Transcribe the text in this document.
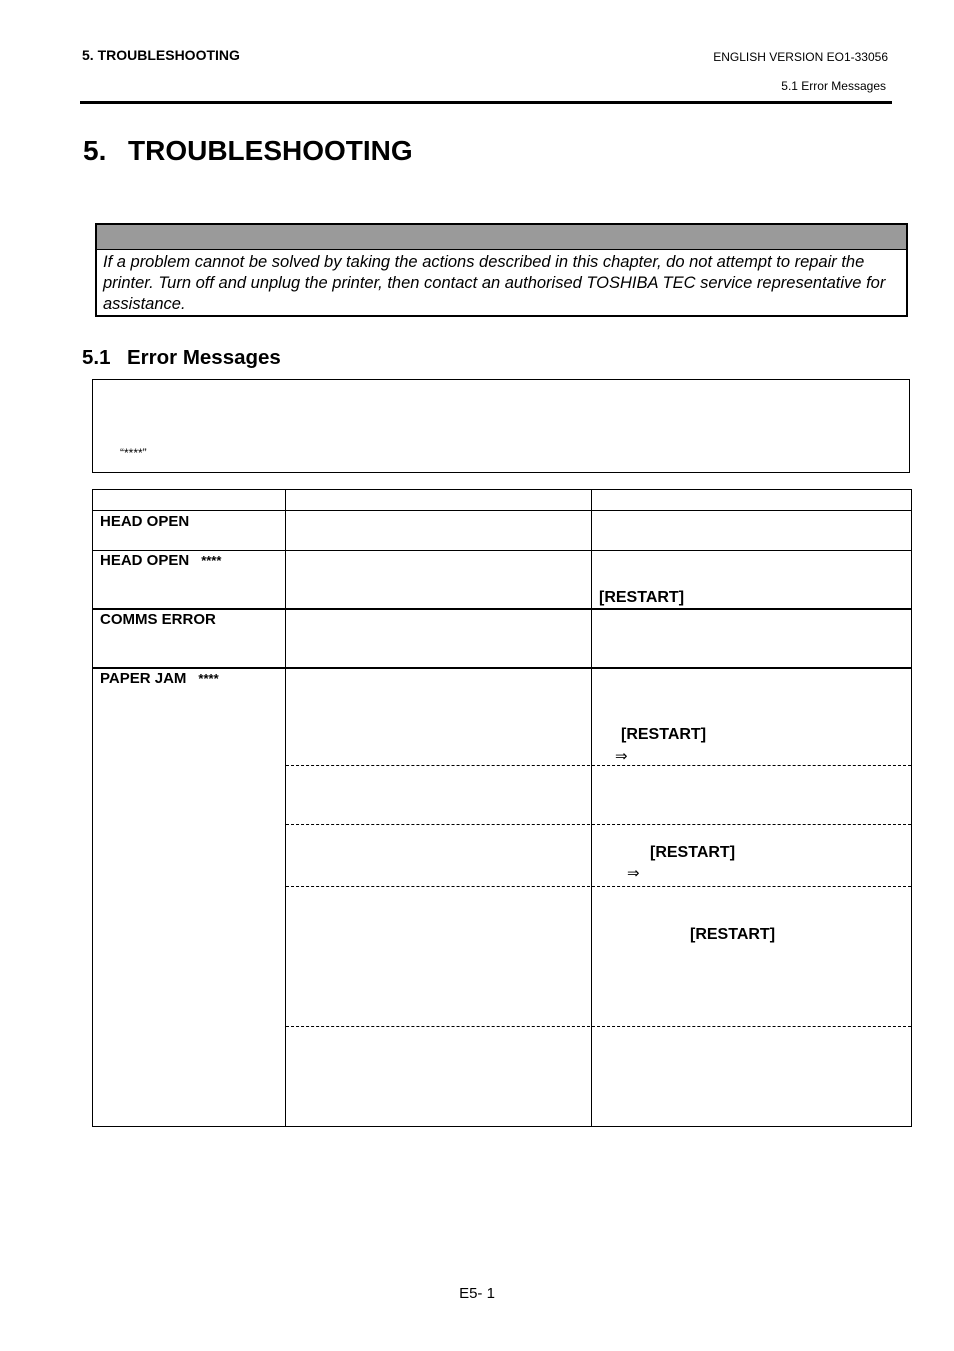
5. TROUBLESHOOTING	ENGLISH VERSION EO1-33056
5.1 Error Messages
5. TROUBLESHOOTING
If a problem cannot be solved by taking the actions described in this chapter, do not attempt to repair the printer. Turn off and unplug the printer, then contact an authorised TOSHIBA TEC service representative for assistance.
5.1 Error Messages
“****”
HEAD OPEN
HEAD OPEN ****
COMMS ERROR
PAPER JAM ****
[RESTART]
[RESTART]
⇒
[RESTART]
⇒
[RESTART]
E5- 1
